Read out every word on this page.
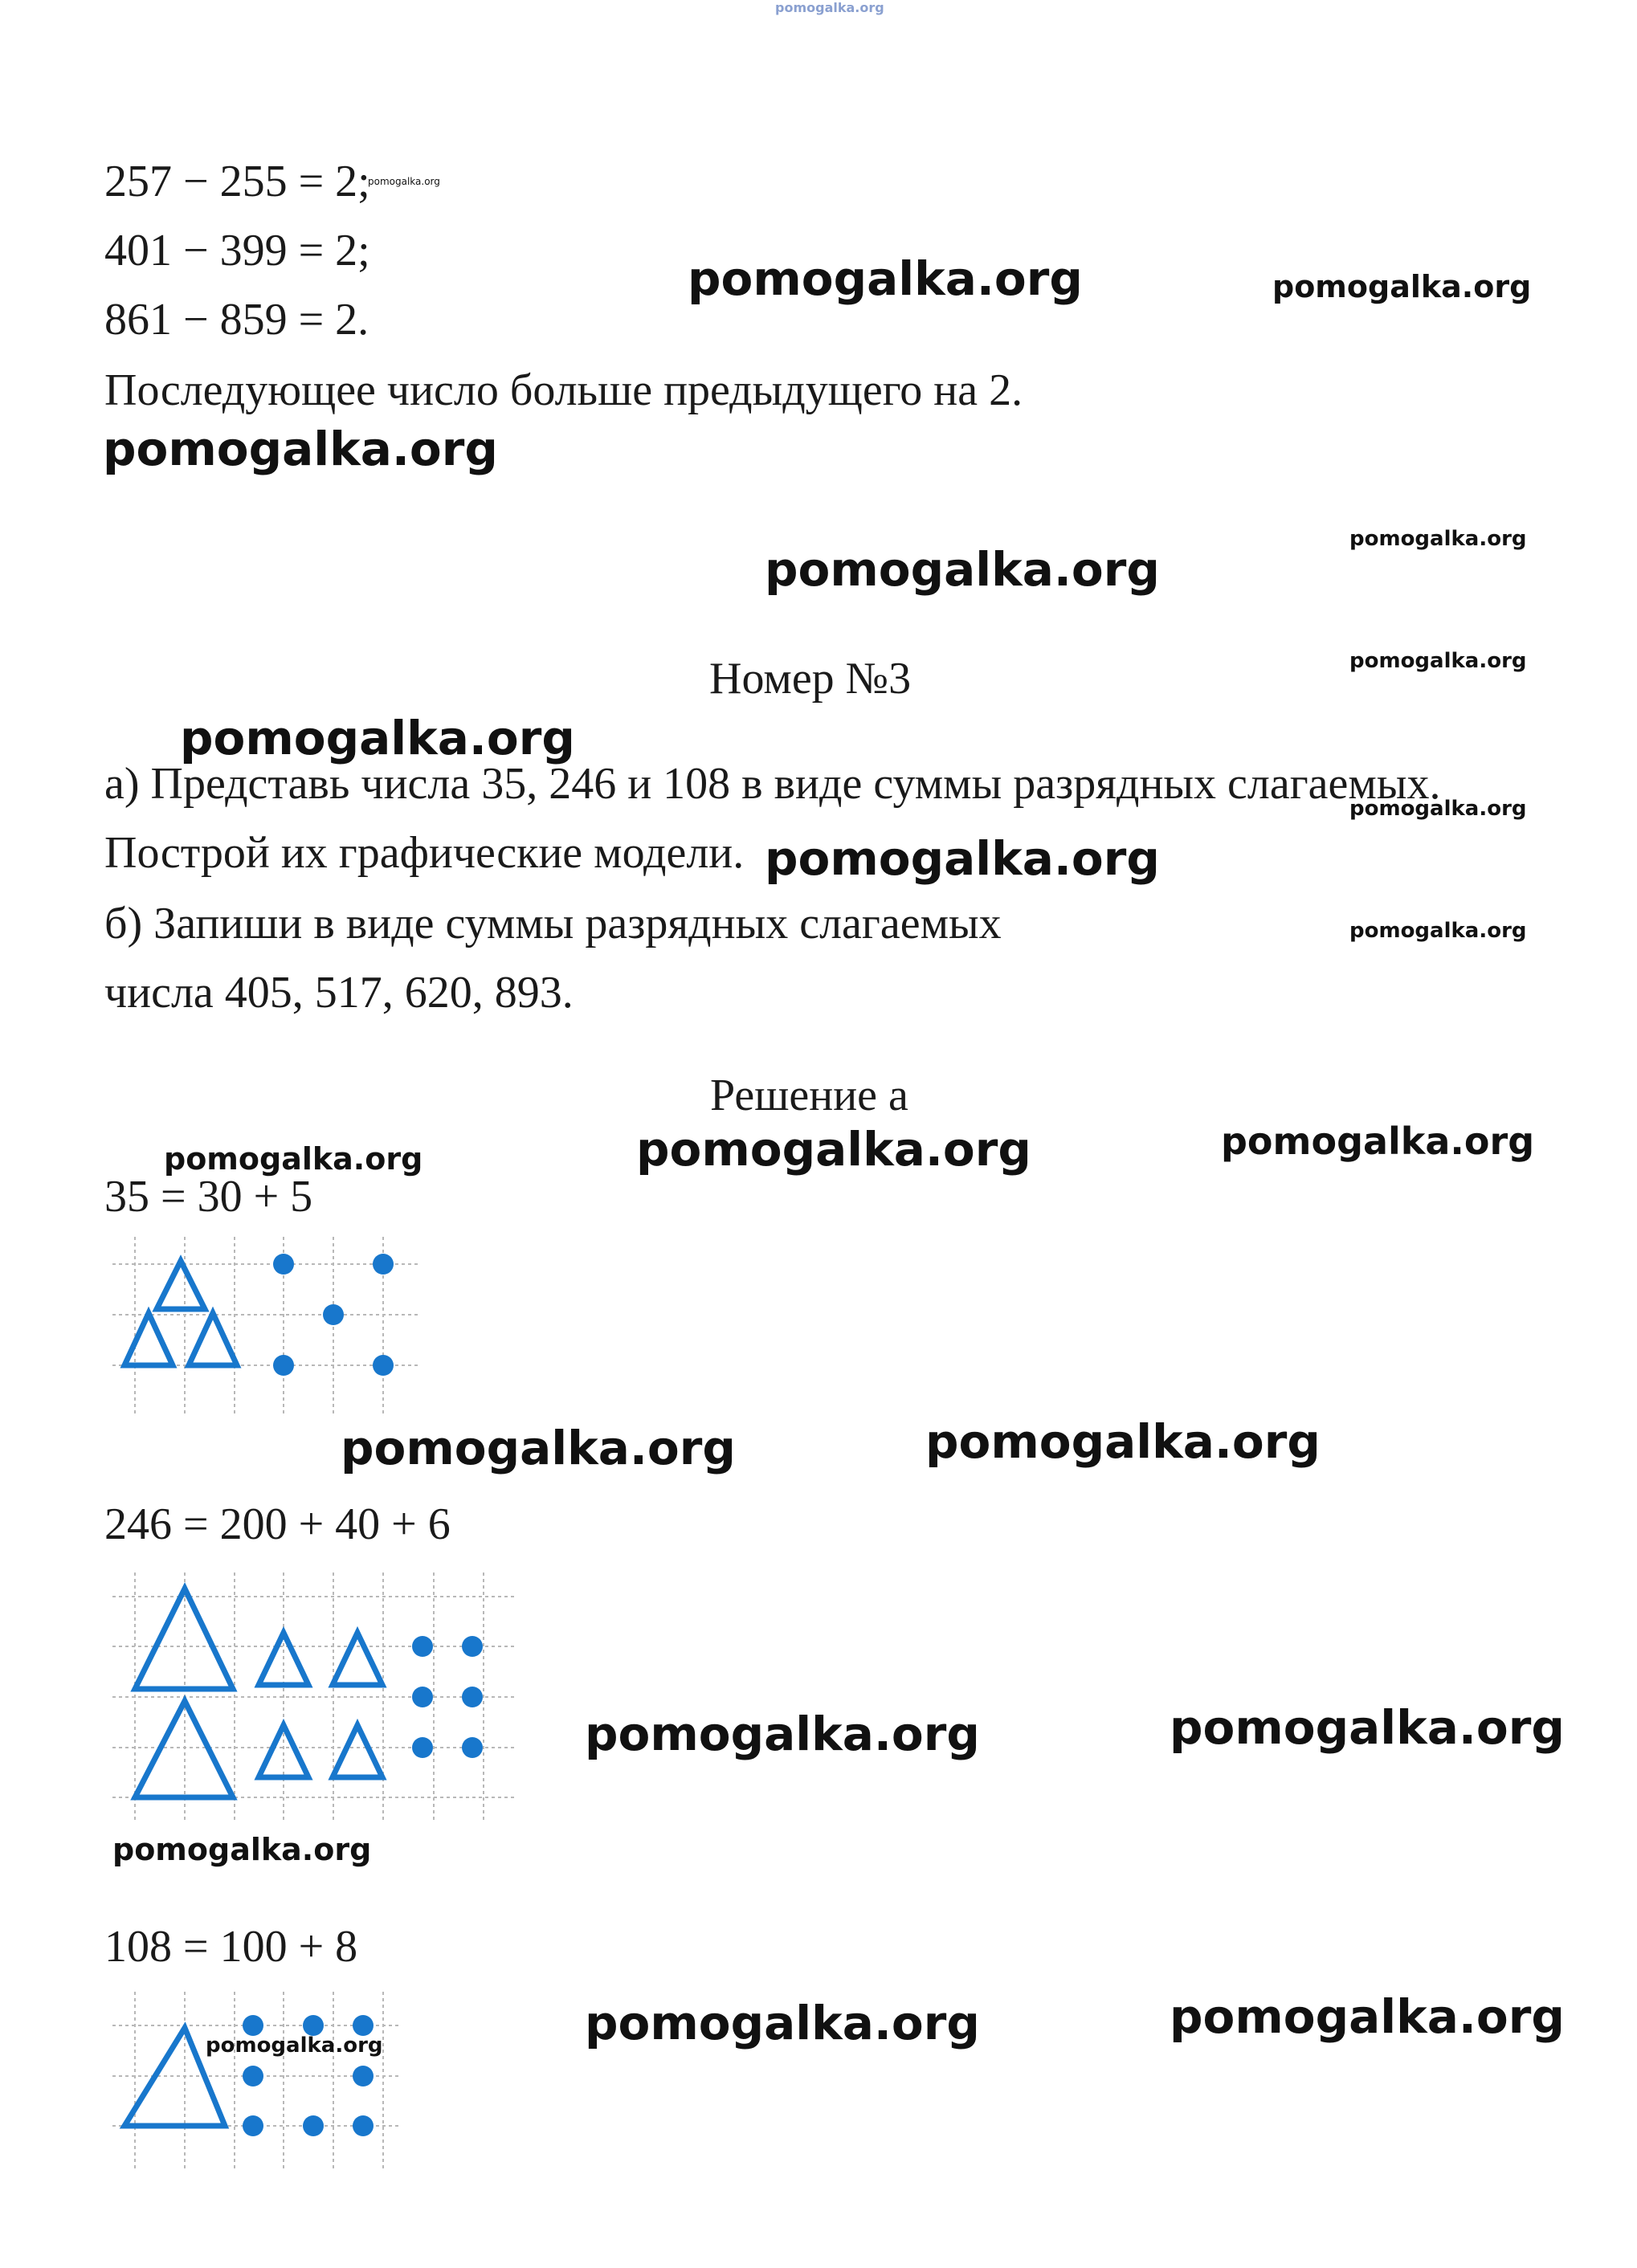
pomogalka.org
257 − 255 = 2;
401 − 399 = 2;
861 − 859 = 2.
Последующее число больше предыдущего на 2.
Номер №3
а) Представь числа 35, 246 и 108 в виде суммы разрядных слагаемых.
Построй их графические модели.
б) Запиши в виде суммы разрядных слагаемых
числа 405, 517, 620, 893.
Решение а
35 = 30 + 5
246 = 200 + 40 + 6
108 = 100 + 8
pomogalka.org
pomogalka.org	pomogalka.org
pomogalka.org
pomogalka.org
pomogalka.org
pomogalka.org
pomogalka.org
pomogalka.org
pomogalka.org
pomogalka.org
pomogalka.org
pomogalka.org	pomogalka.org
pomogalka.org
pomogalka.org
pomogalka.org
pomogalka.org
pomogalka.org
pomogalka.org
pomogalka.org
pomogalka.org
